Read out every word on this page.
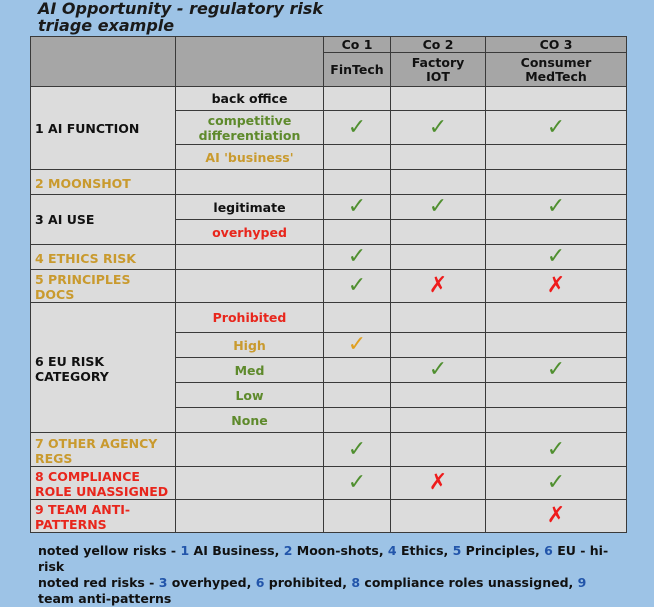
AI Opportunity - regulatory risk triage example
		Co 1	Co 2	CO 3
		FinTech	Factory IOT	Consumer MedTech
1 AI FUNCTION	back office			
	competitive differentiation	✓	✓	✓
	AI 'business'			
2 MOONSHOT				
3 AI USE	legitimate	✓	✓	✓
	overhyped			
4 ETHICS RISK		✓		✓
5 PRINCIPLES DOCS		✓	✗	✗
6 EU RISK CATEGORY	Prohibited			
	High	✓		
	Med		✓	✓
	Low			
	None			
7 OTHER AGENCY REGS		✓		✓
8 COMPLIANCE ROLE UNASSIGNED		✓	✗	✓
9 TEAM ANTI-PATTERNS				✗
noted yellow risks - 1 AI Business, 2 Moon-shots, 4 Ethics, 5 Principles, 6 EU - hi-risk
noted red risks - 3 overhyped, 6 prohibited, 8 compliance roles unassigned, 9 team anti-patterns
